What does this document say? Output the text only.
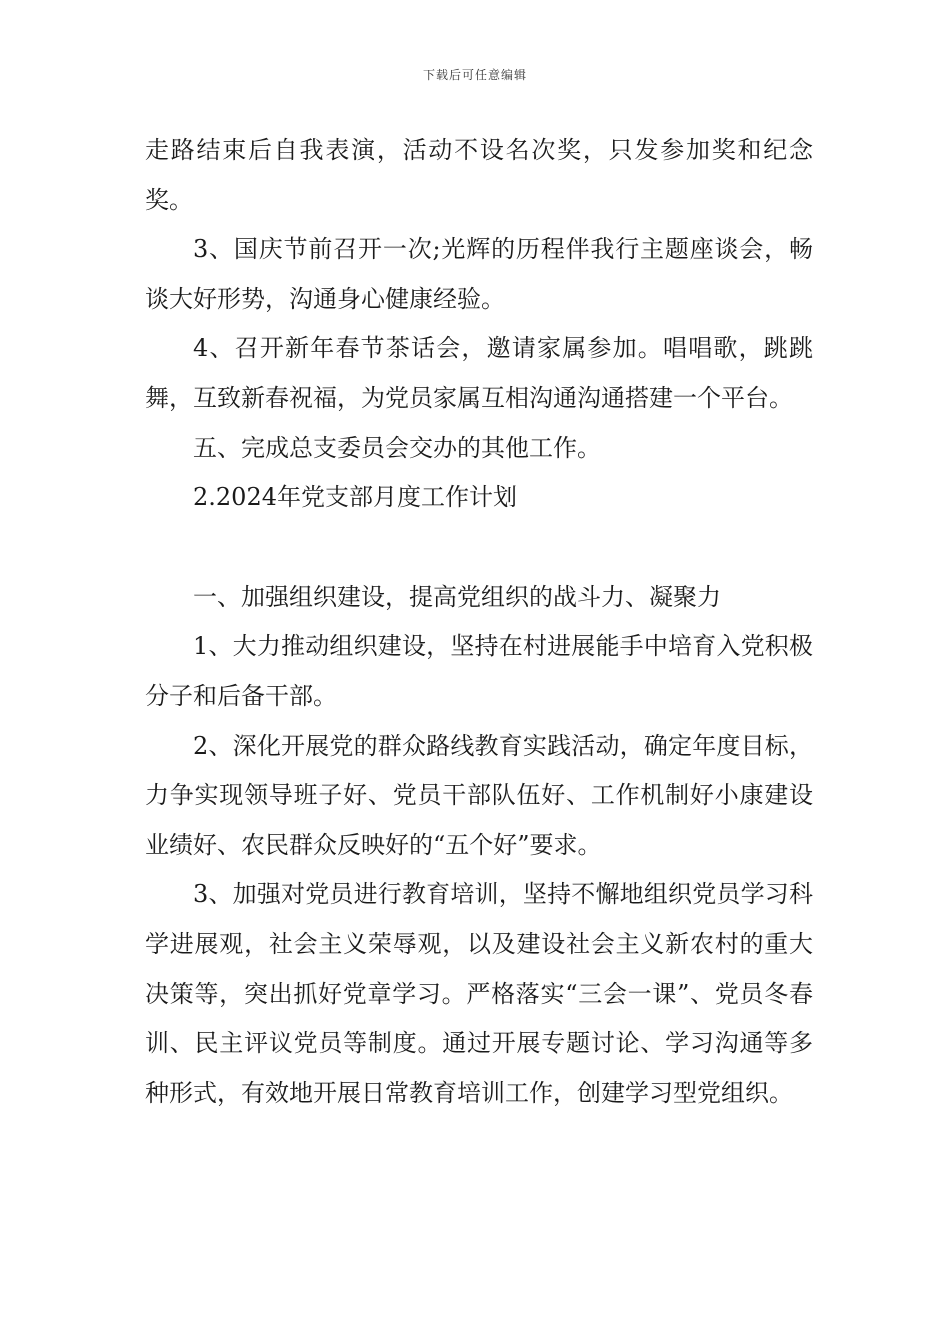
下载后可任意编辑

走路结束后自我表演，活动不设名次奖，只发参加奖和纪念奖。

3、国庆节前召开一次;光辉的历程伴我行主题座谈会，畅谈大好形势，沟通身心健康经验。

4、召开新年春节茶话会，邀请家属参加。唱唱歌，跳跳舞，互致新春祝福，为党员家属互相沟通沟通搭建一个平台。

五、完成总支委员会交办的其他工作。

2.2024年党支部月度工作计划

一、加强组织建设，提高党组织的战斗力、凝聚力

1、大力推动组织建设，坚持在村进展能手中培育入党积极分子和后备干部。

2、深化开展党的群众路线教育实践活动，确定年度目标，力争实现领导班子好、党员干部队伍好、工作机制好小康建设业绩好、农民群众反映好的“五个好”要求。

3、加强对党员进行教育培训，坚持不懈地组织党员学习科学进展观，社会主义荣辱观，以及建设社会主义新农村的重大决策等，突出抓好党章学习。严格落实“三会一课”、党员冬春训、民主评议党员等制度。通过开展专题讨论、学习沟通等多种形式，有效地开展日常教育培训工作，创建学习型党组织。
